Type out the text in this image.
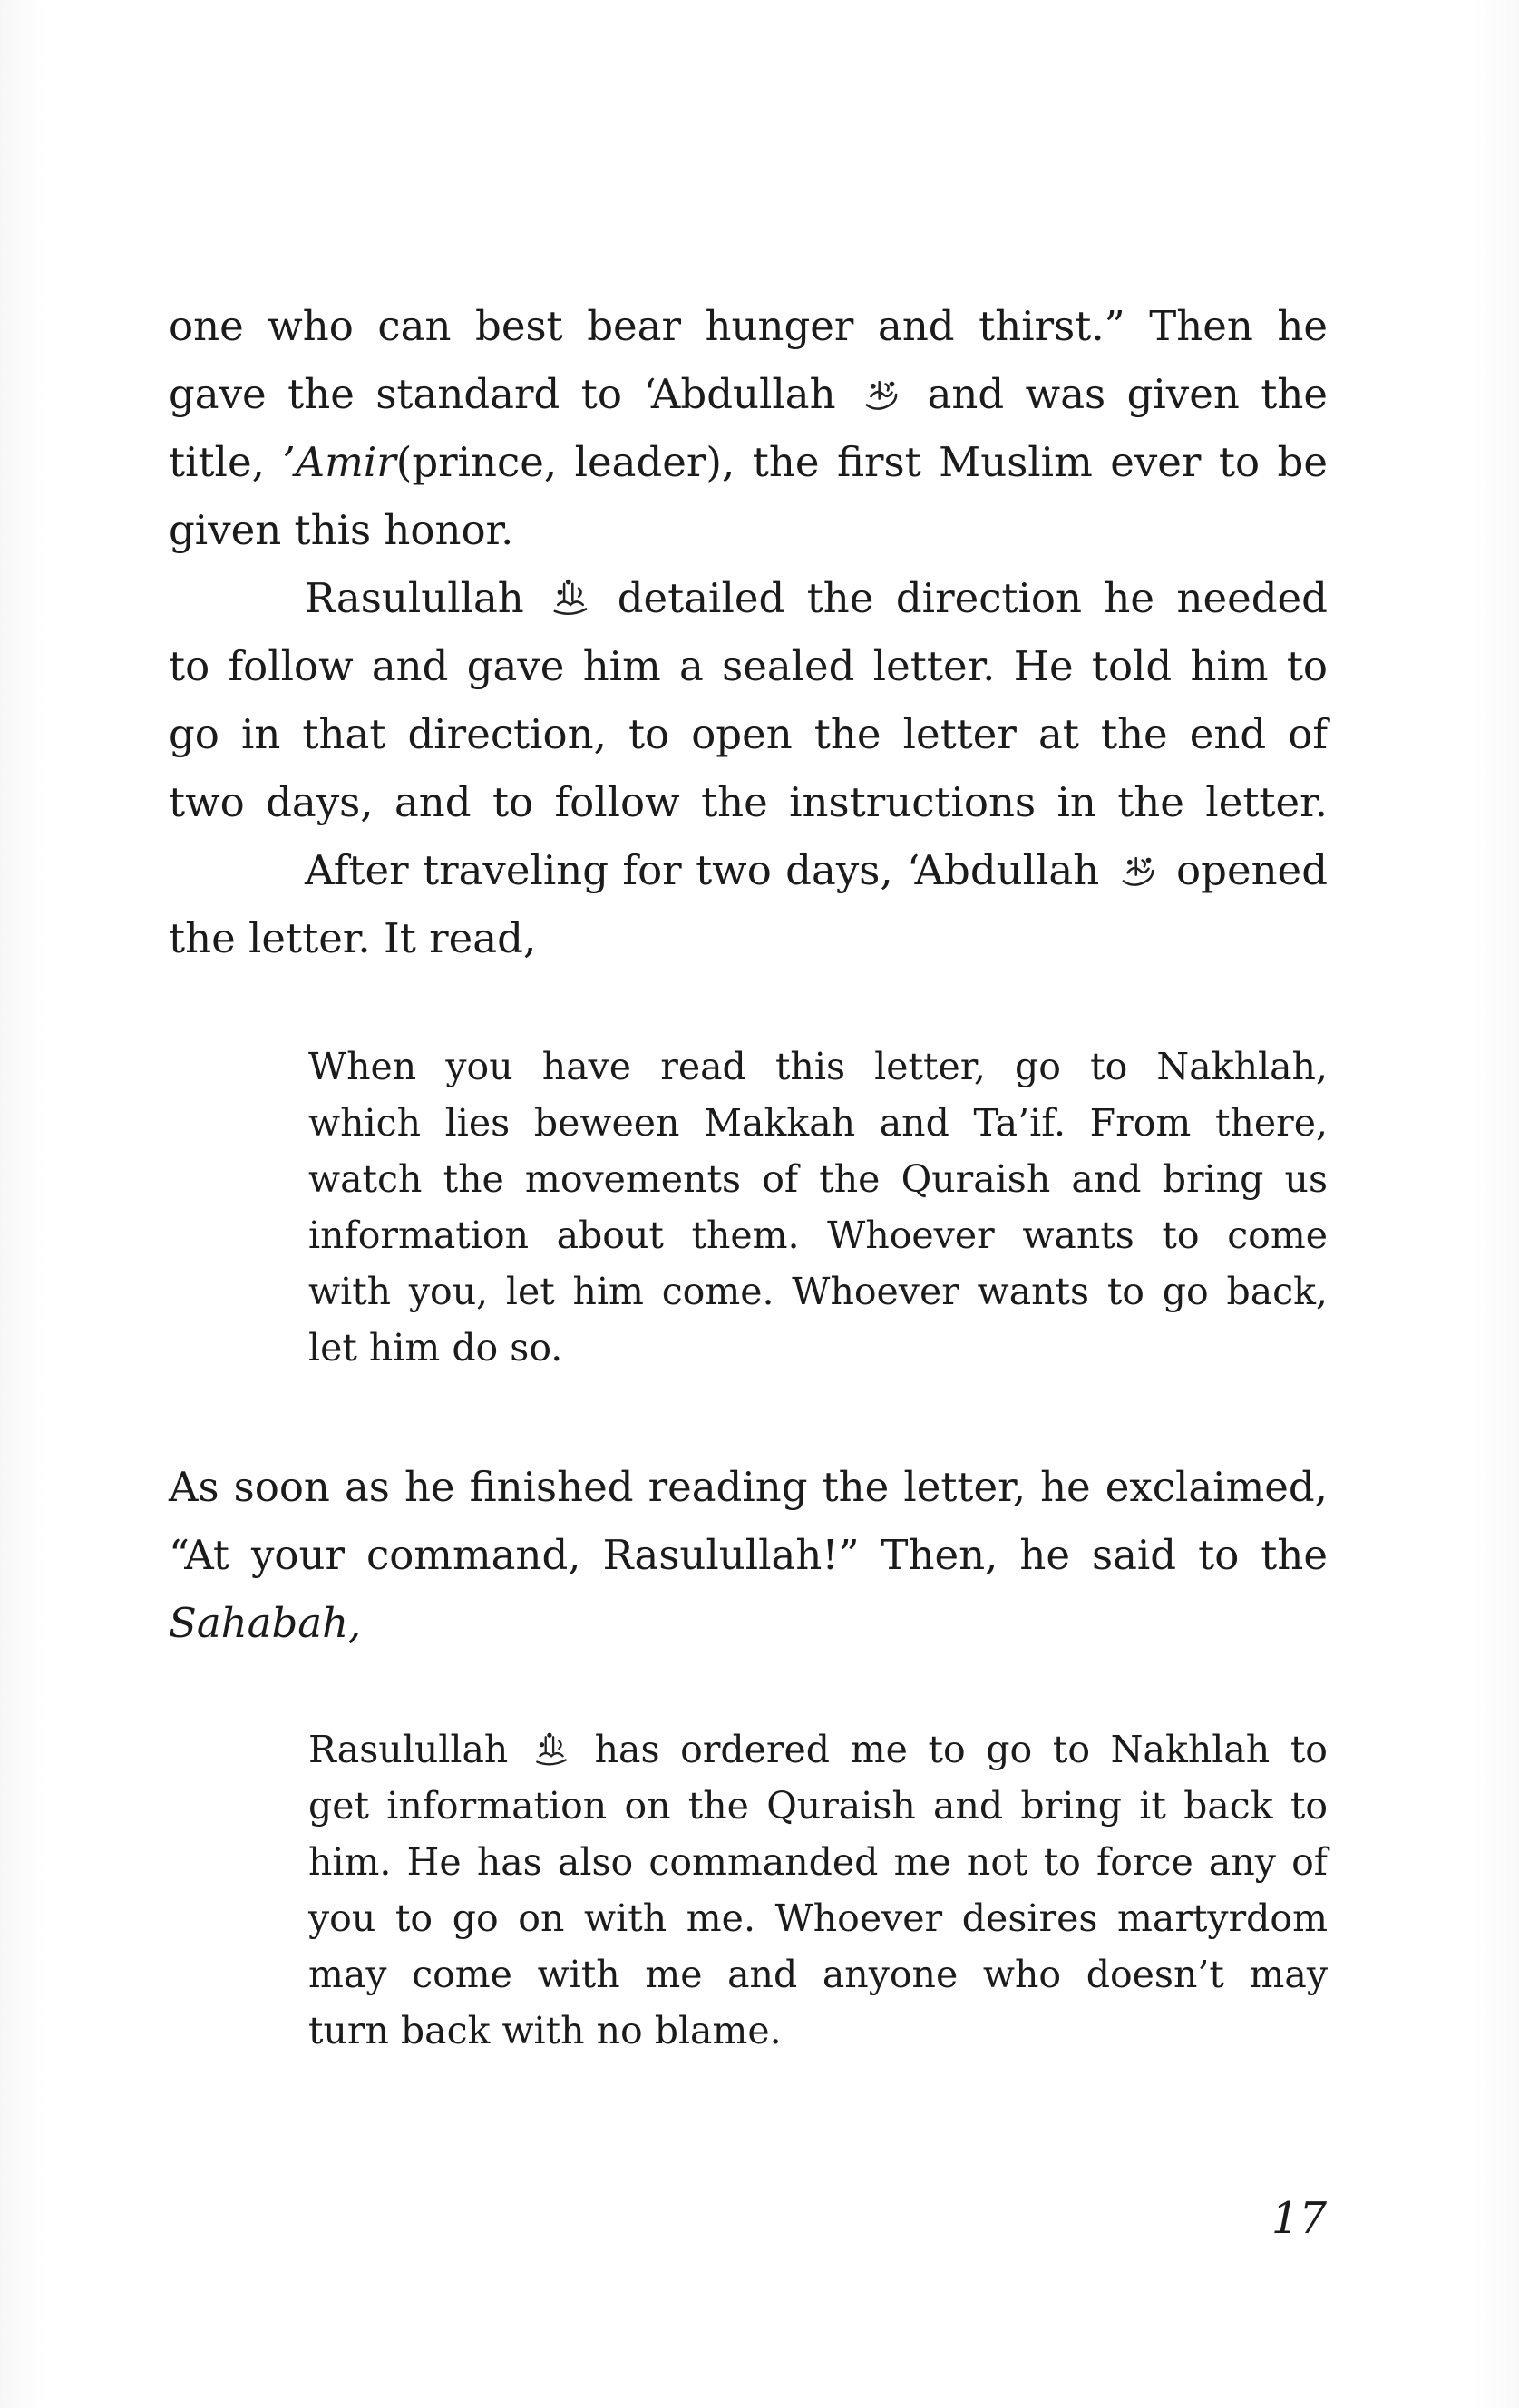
one who can best bear hunger and thirst.” Then he

gave the standard to ‘Abdullah and was given the

title, ’Amir(prince, leader), the first Muslim ever to be

given this honor.

Rasulullah detailed the direction he needed

to follow and gave him a sealed letter. He told him to

go in that direction, to open the letter at the end of

two days, and to follow the instructions in the letter.

After traveling for two days, ‘Abdullah opened

the letter. It read,

When you have read this letter, go to Nakhlah,

which lies beween Makkah and Ta’if. From there,

watch the movements of the Quraish and bring us

information about them. Whoever wants to come

with you, let him come. Whoever wants to go back,

let him do so.

As soon as he finished reading the letter, he exclaimed,

“At your command, Rasulullah!” Then, he said to the

Sahabah,

Rasulullah has ordered me to go to Nakhlah to

get information on the Quraish and bring it back to

him. He has also commanded me not to force any of

you to go on with me. Whoever desires martyrdom

may come with me and anyone who doesn’t may

turn back with no blame.

17
